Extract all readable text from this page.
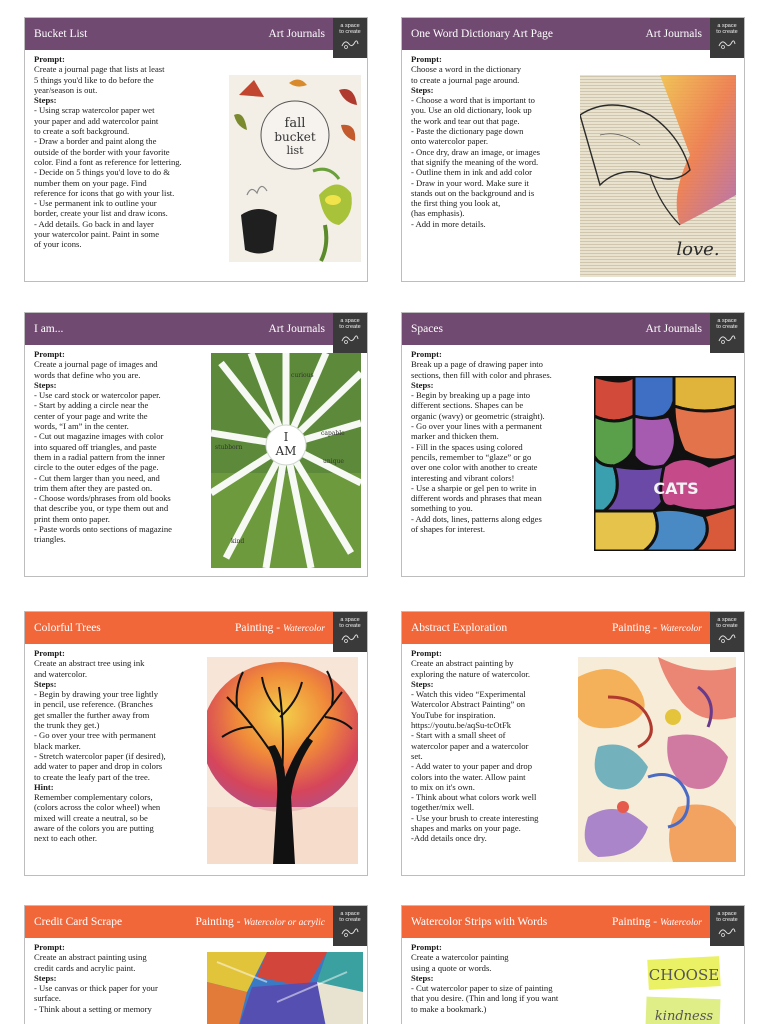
Bucket List	Art Journals
a space
to create
Prompt:
Create a journal page that lists at least
5 things you'd like to do before the
year/season is out.
Steps:
- Using scrap watercolor paper wet
your paper and add watercolor paint
to create a soft background.
- Draw a border and paint along the
outside of the border with your favorite
color. Find a font as reference for lettering.
- Decide on 5 things you'd love to do &
number them on your page. Find
reference for icons that go with your list.
- Use permanent ink to outline your
border, create your list and draw icons.
- Add details. Go back in and layer
your watercolor paint. Paint in some
of your icons.
fall
bucket
list
One Word Dictionary Art Page	Art Journals
a space
to create
Prompt:
Choose a word in the dictionary
to create a journal page around.
Steps:
- Choose a word that is important to
you. Use an old dictionary, look up
the work and tear out that page.
- Paste the dictionary page down
onto watercolor paper.
- Once dry, draw an image, or images
that signify the meaning of the word.
- Outline them in ink and add color
- Draw in your word. Make sure it
stands out on the background and is
the first thing you look at,
(has emphasis).
- Add in more details.
love.
I am...	Art Journals
a space
to create
Prompt:
Create a journal page of images and
words that define who you are.
Steps:
- Use card stock or watercolor paper.
- Start by adding a circle near the
center of your page and write the
words, “I am” in the center.
- Cut out magazine images with color
into squared off triangles, and paste
them in a radial pattern from the inner
circle to the outer edges of the page.
- Cut them larger than you need, and
trim them after they are pasted on.
- Choose words/phrases from old books
that describe you, or type them out and
print them onto paper.
- Paste words onto sections of magazine
triangles.
I
AM
stubborn
capable
unique
curious
kind
Spaces	Art Journals
a space
to create
Prompt:
Break up a page of drawing paper into
sections, then fill with color and phrases.
Steps:
- Begin by breaking up a page into
different sections. Shapes can be
organic (wavy) or geometric (straight).
- Go over your lines with a permanent
marker and thicken them.
- Fill in the spaces using colored
pencils, remember to “glaze” or go
over one color with another to create
interesting and vibrant colors!
- Use a sharpie or gel pen to write in
different words and phrases that mean
something to you.
- Add dots, lines, patterns along edges
of shapes for interest.
CATS
Colorful Trees	Painting - Watercolor
a space
to create
Prompt:
Create an abstract tree using ink
and watercolor.
Steps:
- Begin by drawing your tree lightly
in pencil, use reference. (Branches
get smaller the further away from
the trunk they get.)
- Go over your tree with permanent
black marker.
- Stretch watercolor paper (if desired),
add water to paper and drop in colors
to create the leafy part of the tree.
Hint:
Remember complementary colors,
(colors across the color wheel) when
mixed will create a neutral, so be
aware of the colors you are putting
next to each other.
Abstract Exploration	Painting - Watercolor
a space
to create
Prompt:
Create an abstract painting by
exploring the nature of watercolor.
Steps:
- Watch this video “Experimental
Watercolor Abstract Painting” on
YouTube for inspiration.
https://youtu.be/aqSu-tcOtFk
- Start with a small sheet of
watercolor paper and a watercolor
set.
- Add water to your paper and drop
colors into the water. Allow paint
to mix on it's own.
- Think about what colors work well
together/mix well.
- Use your brush to create interesting
shapes and marks on your page.
-Add details once dry.
Credit Card Scrape	Painting - Watercolor or acrylic
a space
to create
Prompt:
Create an abstract painting using
credit cards and acrylic paint.
Steps:
- Use canvas or thick paper for your
surface.
- Think about a setting or memory
Watercolor Strips with Words	Painting - Watercolor
a space
to create
Prompt:
Create a watercolor painting
using a quote or words.
Steps:
- Cut watercolor paper to size of painting
that you desire. (Thin and long if you want
to make a bookmark.)
CHOOSE
kindness
